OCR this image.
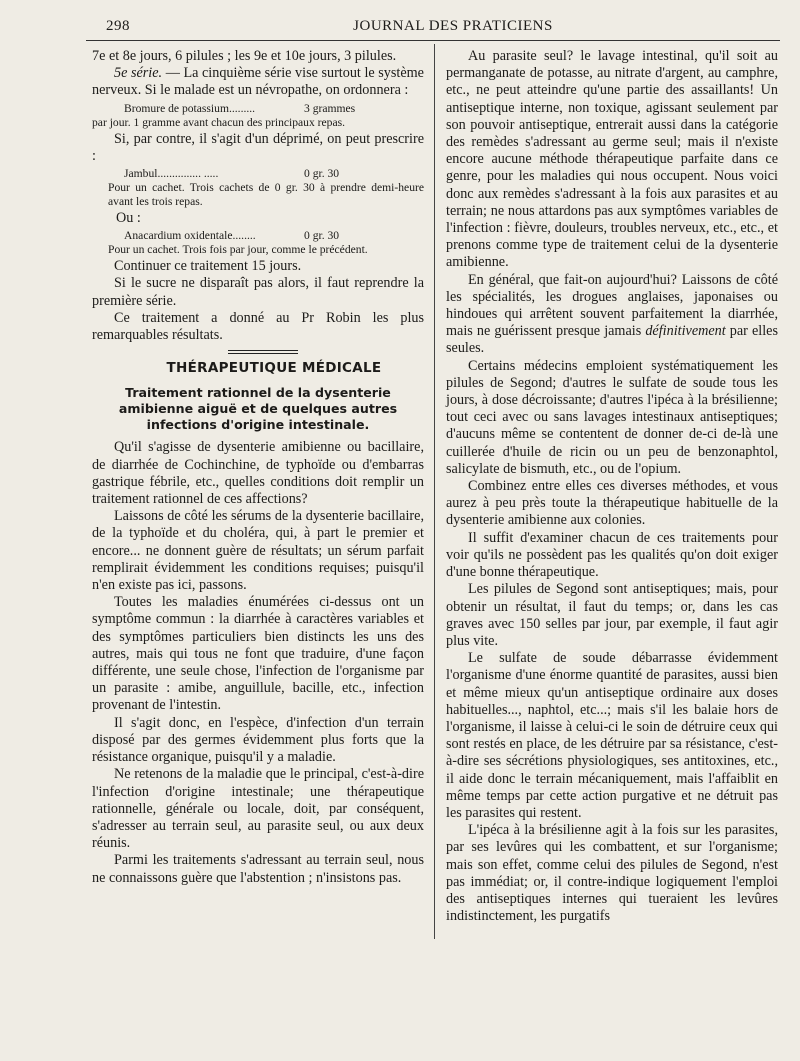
298	JOURNAL DES PRATICIENS

7e et 8e jours, 6 pilules ; les 9e et 10e jours, 3 pilules.

5e série. — La cinquième série vise surtout le système nerveux. Si le malade est un névropathe, on ordonnera :

Bromure de potassium.........	3 grammes
par jour. 1 gramme avant chacun des principaux repas.

Si, par contre, il s'agit d'un déprimé, on peut prescrire :

Jambul............... .....	0 gr. 30
Pour un cachet. Trois cachets de 0 gr. 30 à prendre demi-heure avant les trois repas.

Ou :

Anacardium oxidentale........	0 gr. 30
Pour un cachet. Trois fois par jour, comme le précédent.

Continuer ce traitement 15 jours.

Si le sucre ne disparaît pas alors, il faut reprendre la première série.

Ce traitement a donné au Pr Robin les plus remarquables résultats.

THÉRAPEUTIQUE MÉDICALE
Traitement rationnel de la dysenterie amibienne aiguë et de quelques autres infections d'origine intestinale.

Qu'il s'agisse de dysenterie amibienne ou bacillaire, de diarrhée de Cochinchine, de typhoïde ou d'embarras gastrique fébrile, etc., quelles conditions doit remplir un traitement rationnel de ces affections?

Laissons de côté les sérums de la dysenterie bacillaire, de la typhoïde et du choléra, qui, à part le premier et encore... ne donnent guère de résultats; un sérum parfait remplirait évidemment les conditions requises; puisqu'il n'en existe pas ici, passons.

Toutes les maladies énumérées ci-dessus ont un symptôme commun : la diarrhée à caractères variables et des symptômes particuliers bien distincts les uns des autres, mais qui tous ne font que traduire, d'une façon différente, une seule chose, l'infection de l'organisme par un parasite : amibe, anguillule, bacille, etc., infection provenant de l'intestin.

Il s'agit donc, en l'espèce, d'infection d'un terrain disposé par des germes évidemment plus forts que la résistance organique, puisqu'il y a maladie.

Ne retenons de la maladie que le principal, c'est-à-dire l'infection d'origine intestinale; une thérapeutique rationnelle, générale ou locale, doit, par conséquent, s'adresser au terrain seul, au parasite seul, ou aux deux réunis.

Parmi les traitements s'adressant au terrain seul, nous ne connaissons guère que l'abstention ; n'insistons pas.

Au parasite seul? le lavage intestinal, qu'il soit au permanganate de potasse, au nitrate d'argent, au camphre, etc., ne peut atteindre qu'une partie des assaillants! Un antiseptique interne, non toxique, agissant seulement par son pouvoir antiseptique, entrerait aussi dans la catégorie des remèdes s'adressant au germe seul; mais il n'existe encore aucune méthode thérapeutique parfaite dans ce genre, pour les maladies qui nous occupent. Nous voici donc aux remèdes s'adressant à la fois aux parasites et au terrain; ne nous attardons pas aux symptômes variables de l'infection : fièvre, douleurs, troubles nerveux, etc., etc., et prenons comme type de traitement celui de la dysenterie amibienne.

En général, que fait-on aujourd'hui? Laissons de côté les spécialités, les drogues anglaises, japonaises ou hindoues qui arrêtent souvent parfaitement la diarrhée, mais ne guérissent presque jamais définitivement par elles seules.

Certains médecins emploient systématiquement les pilules de Segond; d'autres le sulfate de soude tous les jours, à dose décroissante; d'autres l'ipéca à la brésilienne; tout ceci avec ou sans lavages intestinaux antiseptiques; d'aucuns même se contentent de donner de-ci de-là une cuillerée d'huile de ricin ou un peu de benzonaphtol, salicylate de bismuth, etc., ou de l'opium.

Combinez entre elles ces diverses méthodes, et vous aurez à peu près toute la thérapeutique habituelle de la dysenterie amibienne aux colonies.

Il suffit d'examiner chacun de ces traitements pour voir qu'ils ne possèdent pas les qualités qu'on doit exiger d'une bonne thérapeutique.

Les pilules de Segond sont antiseptiques; mais, pour obtenir un résultat, il faut du temps; or, dans les cas graves avec 150 selles par jour, par exemple, il faut agir plus vite.

Le sulfate de soude débarrasse évidemment l'organisme d'une énorme quantité de parasites, aussi bien et même mieux qu'un antiseptique ordinaire aux doses habituelles..., naphtol, etc...; mais s'il les balaie hors de l'organisme, il laisse à celui-ci le soin de détruire ceux qui sont restés en place, de les détruire par sa résistance, c'est-à-dire ses sécrétions physiologiques, ses antitoxines, etc., il aide donc le terrain mécaniquement, mais l'affaiblit en même temps par cette action purgative et ne détruit pas les parasites qui restent.

L'ipéca à la brésilienne agit à la fois sur les parasites, par ses levûres qui les combattent, et sur l'organisme; mais son effet, comme celui des pilules de Segond, n'est pas immédiat; or, il contre-indique logiquement l'emploi des antiseptiques internes qui tueraient les levûres indistinctement, les purgatifs
